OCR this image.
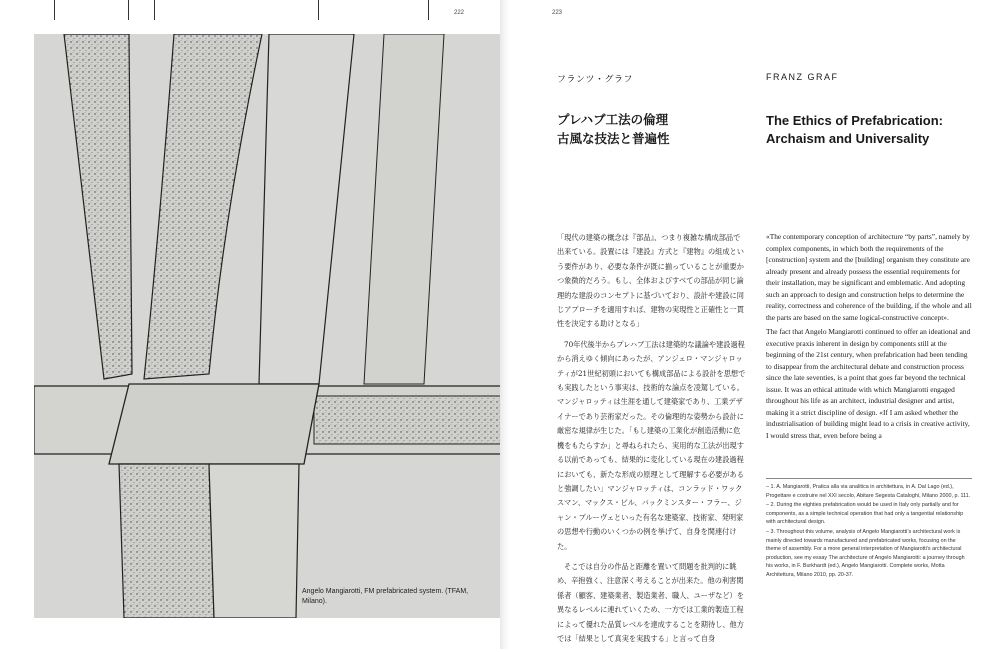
222
Angelo Mangiarotti, FM prefabricated system. (TFAM, Milano).
223
フランツ・グラフ	FRANZ GRAF
プレハブ工法の倫理
古風な技法と普遍性
The Ethics of Prefabrication:
Archaism and Universality

「現代の建築の概念は『部品』、つまり複雑な構成部品で出来ている。設置には『建設』方式と『建物』の組成という要件があり、必要な条件が既に揃っていることが重要かつ象徴的だろう。もし、全体およびすべての部品が同じ論理的な建設のコンセプトに基づいており、設計や建設に同じアプローチを適用すれば、建物の実現性と正確性と一貫性を決定する助けとなる」

70年代後半からプレハブ工法は建築的な議論や建設過程から消えゆく傾向にあったが、アンジェロ・マンジャロッティが21世紀初頭においても構成部品による設計を思想でも実践したという事実は、技術的な論点を凌駕している。マンジャロッティは生涯を通して建築家であり、工業デザイナーであり芸術家だった。その倫理的な姿勢から設計に厳密な規律が生じた。「もし建築の工業化が創造活動に危機をもたらすか」と尋ねられたら、実用的な工法が出現する以前であっても、結果的に変化している現在の建設過程においても、新たな形成の原理として理解する必要があると強調したい」マンジャロッティは、コンラッド・ワックスマン、マックス・ビル、バックミンスター・フラー、ジャン・プルーヴェといった有名な建築家、技術家、発明家の思想や行動のいくつかの例を挙げて、自身を関連付けた。

そこでは自分の作品と距離を置いて問題を批判的に眺め、辛抱強く、注意深く考えることが出来た。他の利害関係者（顧客、建築業者、製造業者、職人、ユーザなど）を異なるレベルに連れていくため、一方では工業的製造工程によって優れた品質レベルを達成することを期待し、他方では「結果として真実を実践する」と言って自身

«The contemporary conception of architecture “by parts”, namely by complex components, in which both the requirements of the [construction] system and the [building] organism they constitute are already present and already possess the essential requirements for their installation, may be significant and emblematic. And adopting such an approach to design and construction helps to determine the reality, correctness and coherence of the building, if the whole and all the parts are based on the same logical-constructive concept».

The fact that Angelo Mangiarotti continued to offer an ideational and executive praxis inherent in design by components still at the beginning of the 21st century, when prefabrication had been tending to disappear from the architectural debate and construction process since the late seventies, is a point that goes far beyond the technical issue. It was an ethical attitude with which Mangiarotti engaged throughout his life as an architect, industrial designer and artist, making it a strict discipline of design. «If I am asked whether the industrialisation of building might lead to a crisis in creative activity, I would stress that, even before being a

– 1. A. Mangiarotti, Pratica alla via analitica in architettura, in A. Dal Lago (ed.), Progettare e costruire nel XXI secolo, Abitare Segesta Cataloghi, Milano 2000, p. 111.

– 2. During the eighties prefabrication would be used in Italy only partially and for components, as a simple technical operation that had only a tangential relationship with architectural design.

– 3. Throughout this volume, analysis of Angelo Mangiarotti’s architectural work is mainly directed towards manufactured and prefabricated works, focusing on the theme of assembly. For a more general interpretation of Mangiarotti’s architectural production, see my essay The architecture of Angelo Mangiarotti: a journey through his works, in F. Burkhardt (ed.), Angelo Mangiarotti. Complete works, Motta Architettura, Milano 2010, pp. 20-37.
